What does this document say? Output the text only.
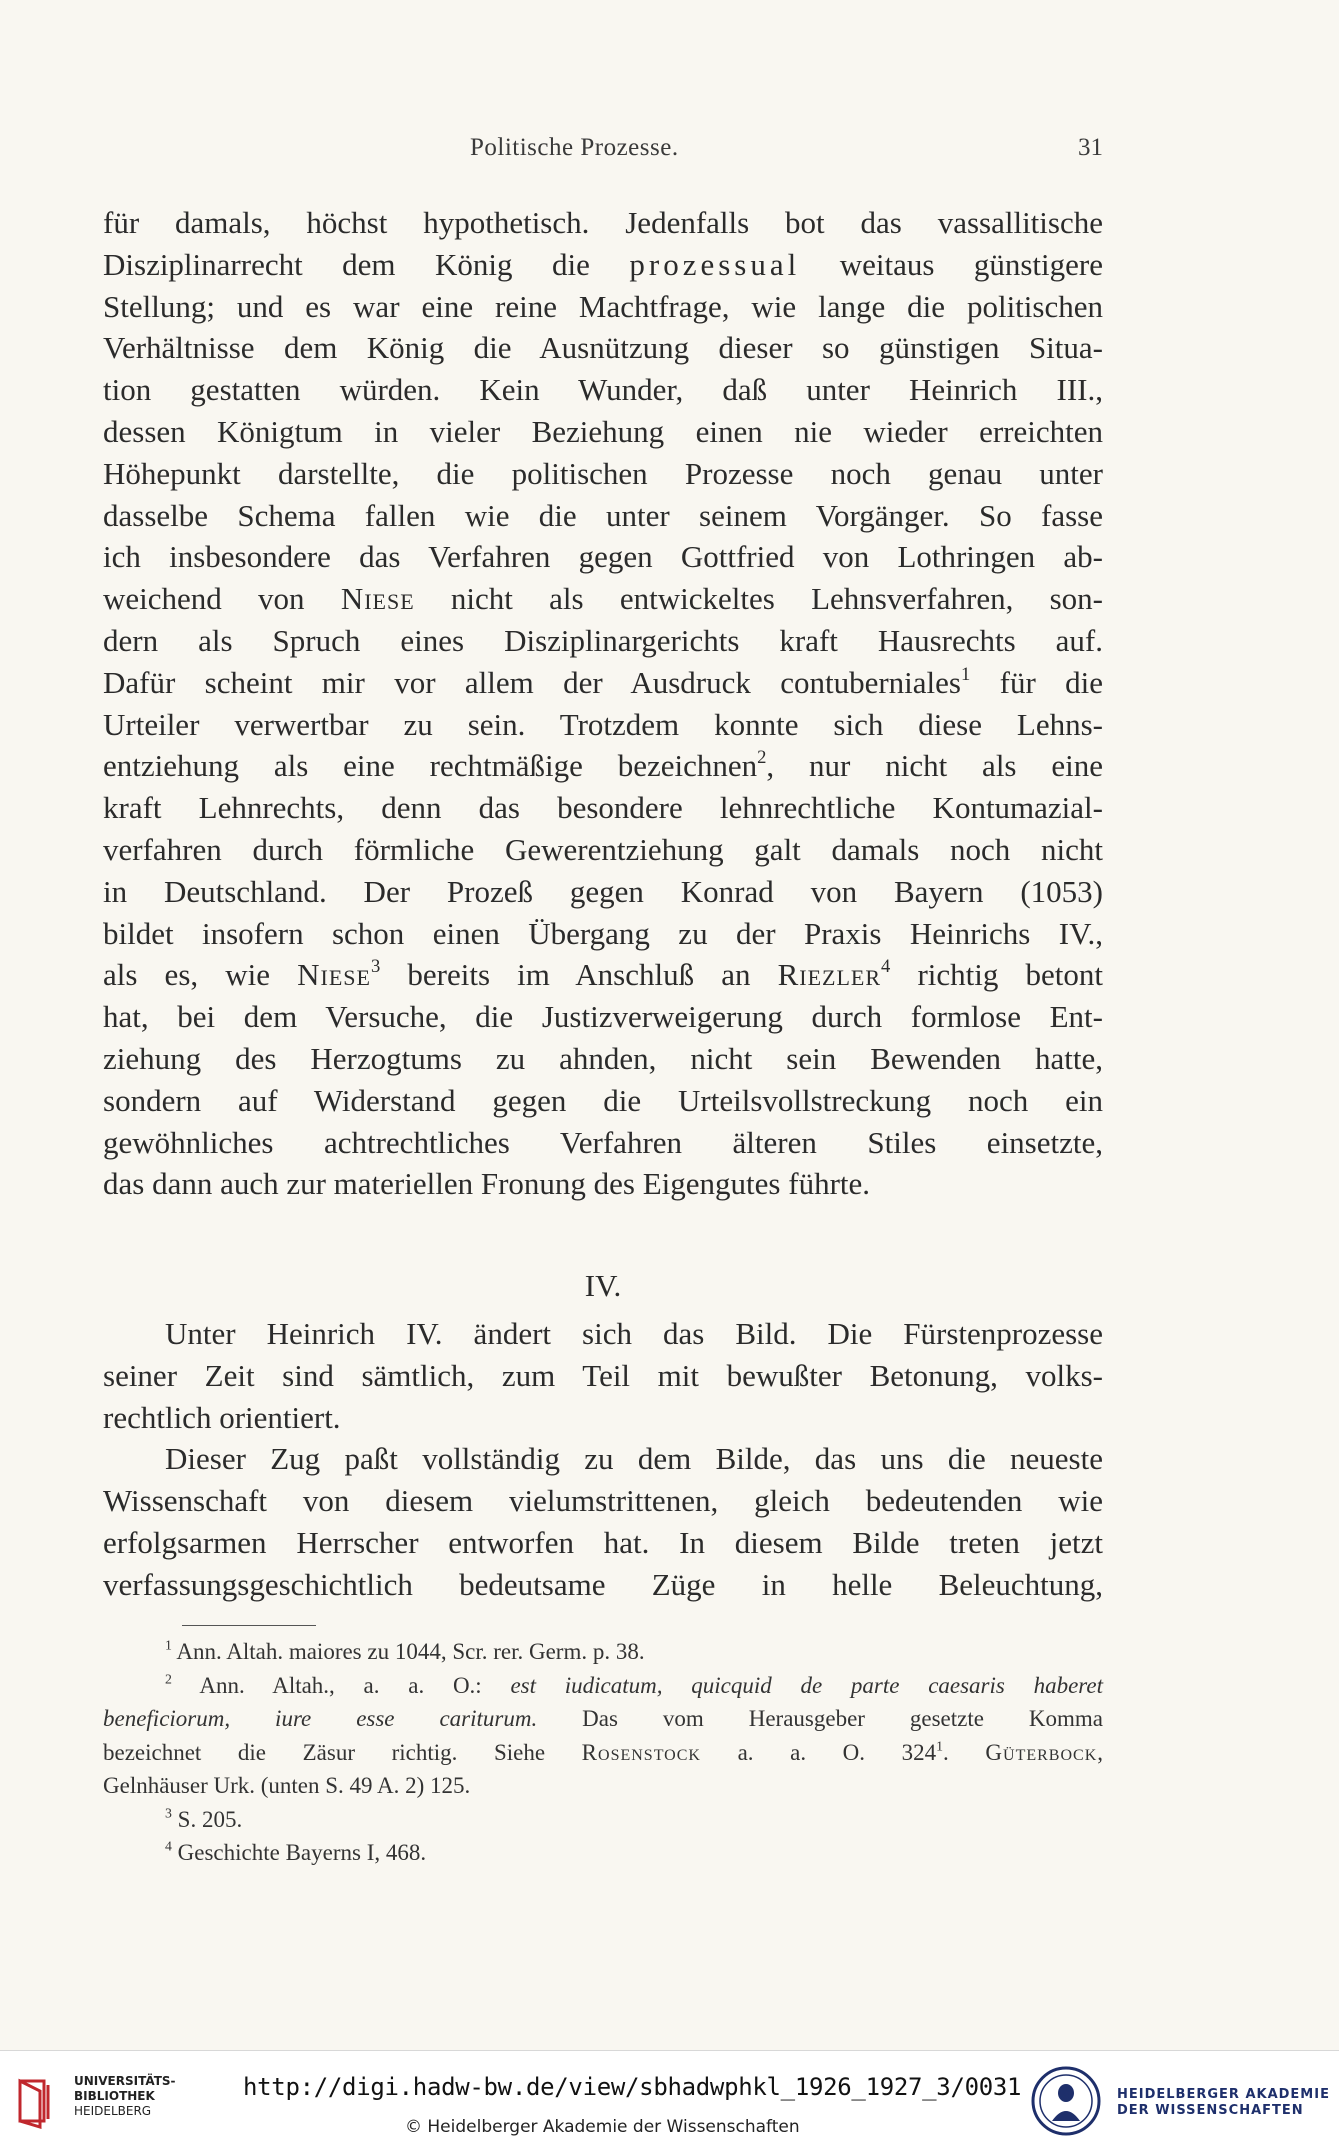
Politische Prozesse.	31
für damals, höchst hypothetisch. Jedenfalls bot das vassallitische
Disziplinarrecht dem König die prozessual weitaus günstigere
Stellung; und es war eine reine Machtfrage, wie lange die politischen
Verhältnisse dem König die Ausnützung dieser so günstigen Situa-
tion gestatten würden. Kein Wunder, daß unter Heinrich III.,
dessen Königtum in vieler Beziehung einen nie wieder erreichten
Höhepunkt darstellte, die politischen Prozesse noch genau unter
dasselbe Schema fallen wie die unter seinem Vorgänger. So fasse
ich insbesondere das Verfahren gegen Gottfried von Lothringen ab-
weichend von Niese nicht als entwickeltes Lehnsverfahren, son-
dern als Spruch eines Disziplinargerichts kraft Hausrechts auf.
Dafür scheint mir vor allem der Ausdruck contuberniales$^1$ für die
Urteiler verwertbar zu sein. Trotzdem konnte sich diese Lehns-
entziehung als eine rechtmäßige bezeichnen$^2$, nur nicht als eine
kraft Lehnrechts, denn das besondere lehnrechtliche Kontumazial-
verfahren durch förmliche Gewerentziehung galt damals noch nicht
in Deutschland. Der Prozeß gegen Konrad von Bayern (1053)
bildet insofern schon einen Übergang zu der Praxis Heinrichs IV.,
als es, wie Niese$^3$ bereits im Anschluß an Riezler$^4$ richtig betont
hat, bei dem Versuche, die Justizverweigerung durch formlose Ent-
ziehung des Herzogtums zu ahnden, nicht sein Bewenden hatte,
sondern auf Widerstand gegen die Urteilsvollstreckung noch ein
gewöhnliches achtrechtliches Verfahren älteren Stiles einsetzte,
das dann auch zur materiellen Fronung des Eigengutes führte.
IV.
Unter Heinrich IV. ändert sich das Bild. Die Fürstenprozesse
seiner Zeit sind sämtlich, zum Teil mit bewußter Betonung, volks-
rechtlich orientiert.
Dieser Zug paßt vollständig zu dem Bilde, das uns die neueste
Wissenschaft von diesem vielumstrittenen, gleich bedeutenden wie
erfolgsarmen Herrscher entworfen hat. In diesem Bilde treten jetzt
verfassungsgeschichtlich bedeutsame Züge in helle Beleuchtung,
$^1$ Ann. Altah. maiores zu 1044, Scr. rer. Germ. p. 38.
$^2$ Ann. Altah., a. a. O.: est iudicatum, quicquid de parte caesaris haberet
beneficiorum, iure esse cariturum. Das vom Herausgeber gesetzte Komma
bezeichnet die Zäsur richtig. Siehe Rosenstock a. a. O. $324^1$. Güterbock,
Gelnhäuser Urk. (unten S. 49 A. 2) 125.
$^3$ S. 205.
$^4$ Geschichte Bayerns I, 468.
UNIVERSITÄTS-
BIBLIOTHEK
HEIDELBERG
http://digi.hadw-bw.de/view/sbhadwphkl_1926_1927_3/0031
© Heidelberger Akademie der Wissenschaften
HEIDELBERGER AKADEMIE
DER WISSENSCHAFTEN
